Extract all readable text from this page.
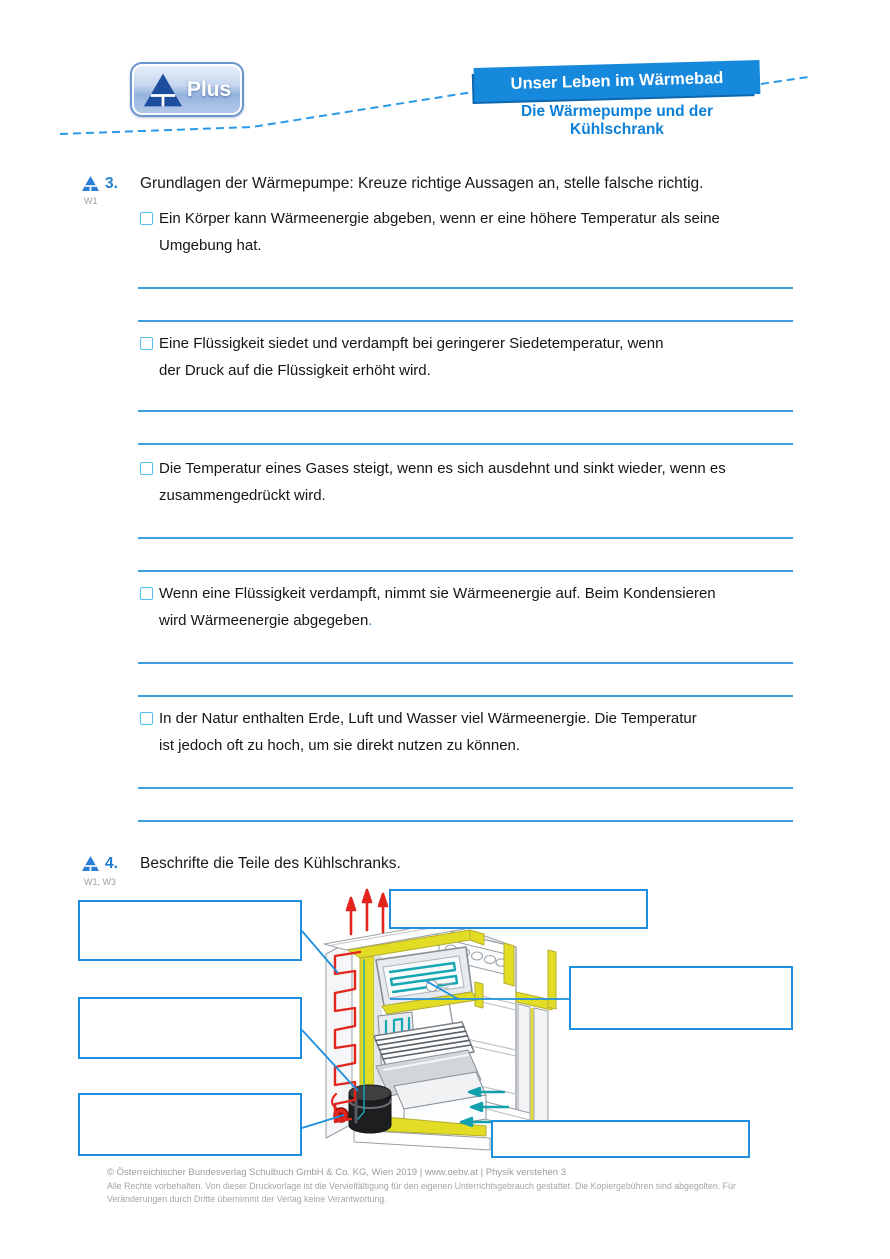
Plus	Unser Leben im Wärmebad
Die Wärmepumpe und der Kühlschrank
3. Grundlagen der Wärmepumpe: Kreuze richtige Aussagen an, stelle falsche richtig.
W1
Ein Körper kann Wärmeenergie abgeben, wenn er eine höhere Temperatur als seine
Umgebung hat.
Eine Flüssigkeit siedet und verdampft bei geringerer Siedetemperatur, wenn
der Druck auf die Flüssigkeit erhöht wird.
Die Temperatur eines Gases steigt, wenn es sich ausdehnt und sinkt wieder, wenn es
zusammengedrückt wird.
Wenn eine Flüssigkeit verdampft, nimmt sie Wärmeenergie auf. Beim Kondensieren
wird Wärmeenergie abgegeben.
In der Natur enthalten Erde, Luft und Wasser viel Wärmeenergie. Die Temperatur
ist jedoch oft zu hoch, um sie direkt nutzen zu können.
4. Beschrifte die Teile des Kühlschranks.
W1, W3
© Österreichischer Bundesverlag Schulbuch GmbH & Co. KG, Wien 2019 | www.oebv.at | Physik verstehen 3
Alle Rechte vorbehalten. Von dieser Druckvorlage ist die Vervielfältigung für den eigenen Unterrichtsgebrauch gestattet. Die Kopiergebühren sind abgegolten. Für
Veränderungen durch Dritte übernimmt der Verlag keine Verantwortung.
